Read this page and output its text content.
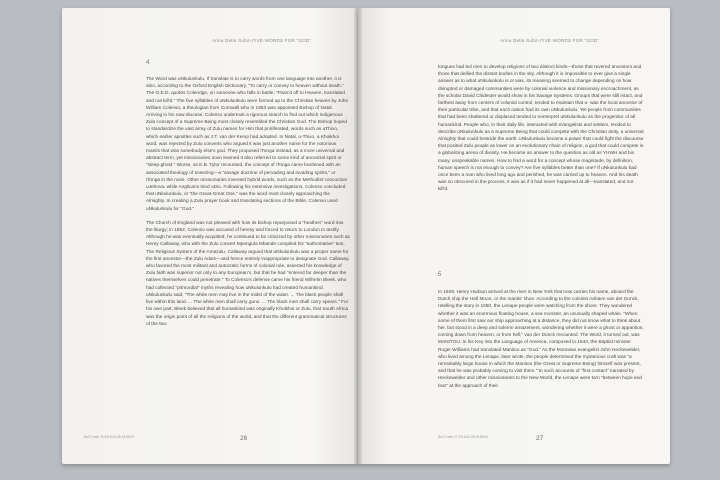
Anna Della Subin FIVE WORDS FOR "GOD"
4

The Word was uNkulunkulu. If translate is to carry words from one language into another, it is also, according to the Oxford English Dictionary, "To carry or convey to heaven without death." The O.E.D. quotes Coleridge, on someone who falls in battle, "Pass'd off to Heaven, translated and not kill'd." The five syllables of uNkulunkulu were formed up to the Christian heaven by John William Colenso, a theologian from Cornwall who in 1853 was appointed Bishop of Natal. Arriving in his new diocese, Colenso undertook a rigorous search to find out which indigenous Zulu concept of a Supreme Being most closely resembled the Christian God. The Bishop hoped to standardize the vast array of Zulu names for Him that proliferated, words such as uThixo, which earlier apostles such as J.T. van der Kemp had adopted. In Natal, u-Thixo, a Khoikhoi word, was rejected by Zulu converts who argued it was just another name for the notorious mantis that was somebody else's god. They proposed iTonga instead, as a more universal and abstract term, yet missionaries soon learned it also referred to some kind of ancestral spirit or "sleep-ghost." Worse, as E.B. Tylor recounted, the concept of iTonga came burdened with an associated theology of sneezing—a "savage doctrine of pervading and invading spirits," or iTonga in the nose. Other missionaries invented hybrid words, such as the Methodist concoction uJehova, while Anglicans tried uDio. Following his extensive investigations, Colenso concluded that uNkulunkulu, or "the Great-Great One," was the word most closely approaching the Almighty. In creating a Zulu prayer book and translating sections of the Bible, Colenso used uNkulunkulu for "God."

The Church of England was not pleased with how its bishop repurposed a "heathen" word into the liturgy; in 1862, Colenso was accused of heresy and forced to return to London to testify. Although he was eventually acquitted, he continued to be criticized by other missionaries such as Henry Callaway, who with the Zulu convert Mpengula Mbande compiled his "authoritative" text, The Religious System of the Amazulu. Callaway argued that uNkulunkulu was a proper name for the first ancestor—the Zulu Adam—and hence entirely inappropriate to designate God. Callaway, who favored the most militant and autocratic forms of colonial rule, asserted his knowledge of Zulu faith was superior not only to any European's, but that he had "entered far deeper than the natives themselves could penetrate." To Colenso's defense came his friend Wilhelm Bleek, who had collected "primordial" myths revealing how uNkulunkulu had created humankind. uNkulunkulu said, "The white men may live in the midst of the water. ... The black people shall live within this land. ... The white men shall carry guns. ... The black men shall carry spears." For his own part, Bleek believed that all humankind was originally Khoikhoi or Zulu, that South Africa was the origin point of all the religions of the world, and that the different grammatical structures of the two

Bul71.indb 26 2018-02-08 16:58:33	26
Anna Della Subin FIVE WORDS FOR "GOD"

tongues had led men to develop religions of two distinct kinds—those that revered ancestors and those that deified the distant bodies in the sky. Although it is impossible to ever give a single answer as to what uNkulunkulu is or was, its meaning seemed to change depending on how disrupted or damaged communities were by colonial violence and missionary encroachment, as the scholar David Chidester would show in his Savage Systems. Groups that were still intact, and farthest away from centers of colonial control, tended to maintain that u- was the local ancestor of their particular tribe, and that each nation had its own uNkulunkulu. Yet people from communities that had been shattered or displaced tended to reinterpret uNkulunkulu as the progenitor of all humankind. People who, in their daily life, interacted with evangelists and settlers, tended to describe uNkulunkulu as a Supreme Being that could compete with the Christian deity, a universal Almighty that could bestride the earth. uNkulunkulu became a power that could fight the discourse that posited Zulu people as lower on an evolutionary chain of religion, a god that could compete in a globalizing arena of divinity. He became an answer to the question as old as YHWH and his many, unspeakable names. How to find a word for a concept whose magnitude, by definition, human speech is not enough to convey? Are five syllables better than one? If uNkulunkulu had once been a man who lived long ago and perished, he was carried up to heaven. And his death was so obscured in the process, it was as if it had never happened at all—translated, and not kill'd.

5

In 1609, Henry Hudson arrived at the river in New York that now carries his name, aboard the Dutch ship the Half Moon, or the mantis' shoe. According to the colonist Adriaen van der Donck, retelling the story in 1650, the Lenape people were watching from the shore. They wondered whether it was an enormous floating house, a sea monster, an unusually shaped whale. "When some of them first saw our ship approaching at a distance, they did not know what to think about her, but stood in a deep and solemn amazement, wondering whether it were a ghost or apparition, coming down from heaven, or from hell," van der Donck recounted. The Word, it turned out, was MANITOU. In his Key into the Language of America, composed in 1643, the Baptist minister Roger Williams had translated Manitou as "God." As the Moravian evangelist John Heckewelder, who lived among the Lenape, later wrote, the people determined the mysterious craft was "a remarkably large house in which the Manitou (the Great or Supreme Being) himself was present, and that he was probably coming to visit them." In such accounts of "first contact" narrated by Heckewelder and other missionaries to the New World, the Lenape were torn "between hope and fear" at the approach of their

Bul71.indb 27 2018-02-08 16:58:34	27
